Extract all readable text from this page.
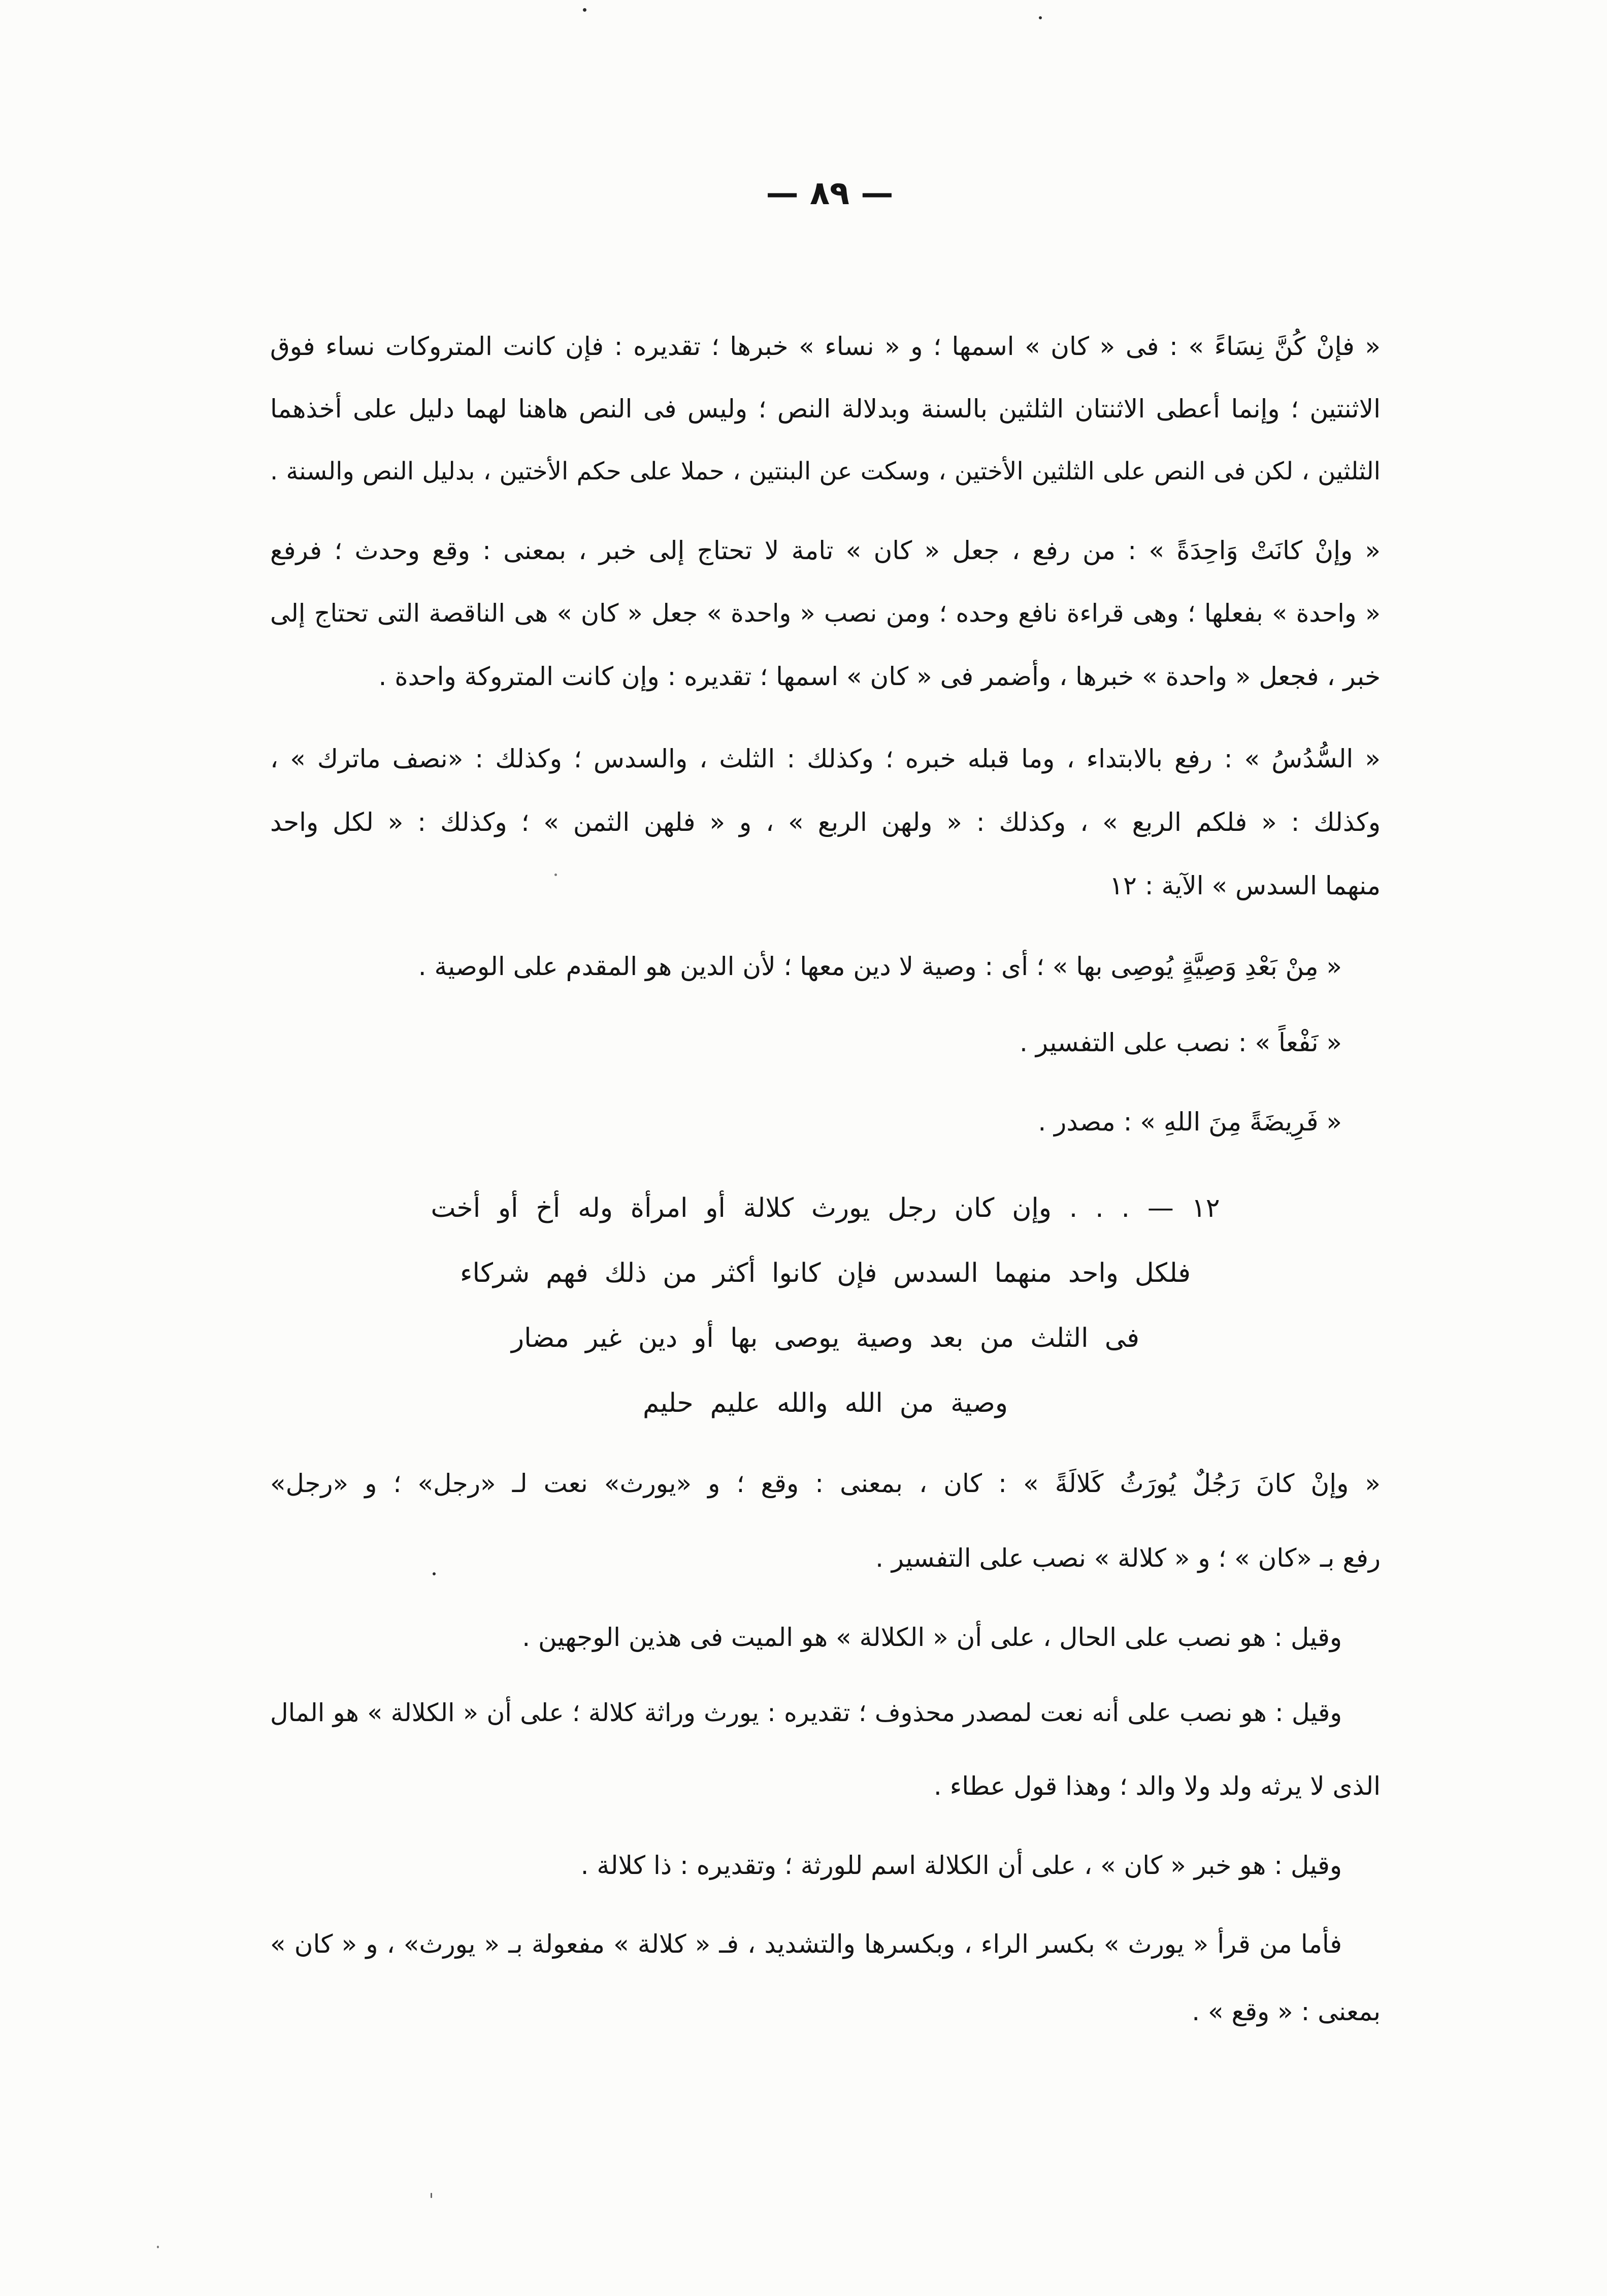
— ٨٩ —
« فإنْ كُنَّ نِسَاءً » : فى « كان » اسمها ؛ و « نساء » خبرها ؛ تقديره : فإن كانت المتروكات نساء فوق
الاثنتين ؛ وإنما أعطى الاثنتان الثلثين بالسنة وبدلالة النص ؛ وليس فى النص هاهنا لهما دليل على أخذهما
الثلثين ، لكن فى النص على الثلثين الأختين ، وسكت عن البنتين ، حملا على حكم الأختين ، بدليل النص والسنة .
« وإنْ كانَتْ وَاحِدَةً » : من رفع ، جعل « كان » تامة لا تحتاج إلى خبر ، بمعنى : وقع وحدث ؛ فرفع
« واحدة » بفعلها ؛ وهى قراءة نافع وحده ؛ ومن نصب « واحدة » جعل « كان » هى الناقصة التى تحتاج إلى
خبر ، فجعل « واحدة » خبرها ، وأضمر فى « كان » اسمها ؛ تقديره : وإن كانت المتروكة واحدة .
« السُّدُسُ » : رفع بالابتداء ، وما قبله خبره ؛ وكذلك : الثلث ، والسدس ؛ وكذلك : «نصف ماترك » ،
وكذلك : « فلكم الربع » ، وكذلك : « ولهن الربع » ، و « فلهن الثمن » ؛ وكذلك : « لكل واحد
منهما السدس » الآية : ١٢
« مِنْ بَعْدِ وَصِيَّةٍ يُوصِى بها » ؛ أى : وصية لا دين معها ؛ لأن الدين هو المقدم على الوصية .
« نَفْعاً » : نصب على التفسير .
« فَرِيضَةً مِنَ اللهِ » : مصدر .
١٢ — . . . وإن كان رجل يورث كلالة أو امرأة وله أخ أو أخت
فلكل واحد منهما السدس فإن كانوا أكثر من ذلك فهم شركاء
فى الثلث من بعد وصية يوصى بها أو دين غير مضار
وصية من الله والله عليم حليم
« وإنْ كانَ رَجُلٌ يُورَثُ كَلالَةً » : كان ، بمعنى : وقع ؛ و «يورث» نعت لـ «رجل» ؛ و «رجل»
رفع بـ «كان » ؛ و « كلالة » نصب على التفسير .
وقيل : هو نصب على الحال ، على أن « الكلالة » هو الميت فى هذين الوجهين .
وقيل : هو نصب على أنه نعت لمصدر محذوف ؛ تقديره : يورث وراثة كلالة ؛ على أن « الكلالة » هو المال
الذى لا يرثه ولد ولا والد ؛ وهذا قول عطاء .
وقيل : هو خبر « كان » ، على أن الكلالة اسم للورثة ؛ وتقديره : ذا كلالة .
فأما من قرأ « يورث » بكسر الراء ، وبكسرها والتشديد ، فـ « كلالة » مفعولة بـ « يورث» ، و « كان »
بمعنى : « وقع » .
